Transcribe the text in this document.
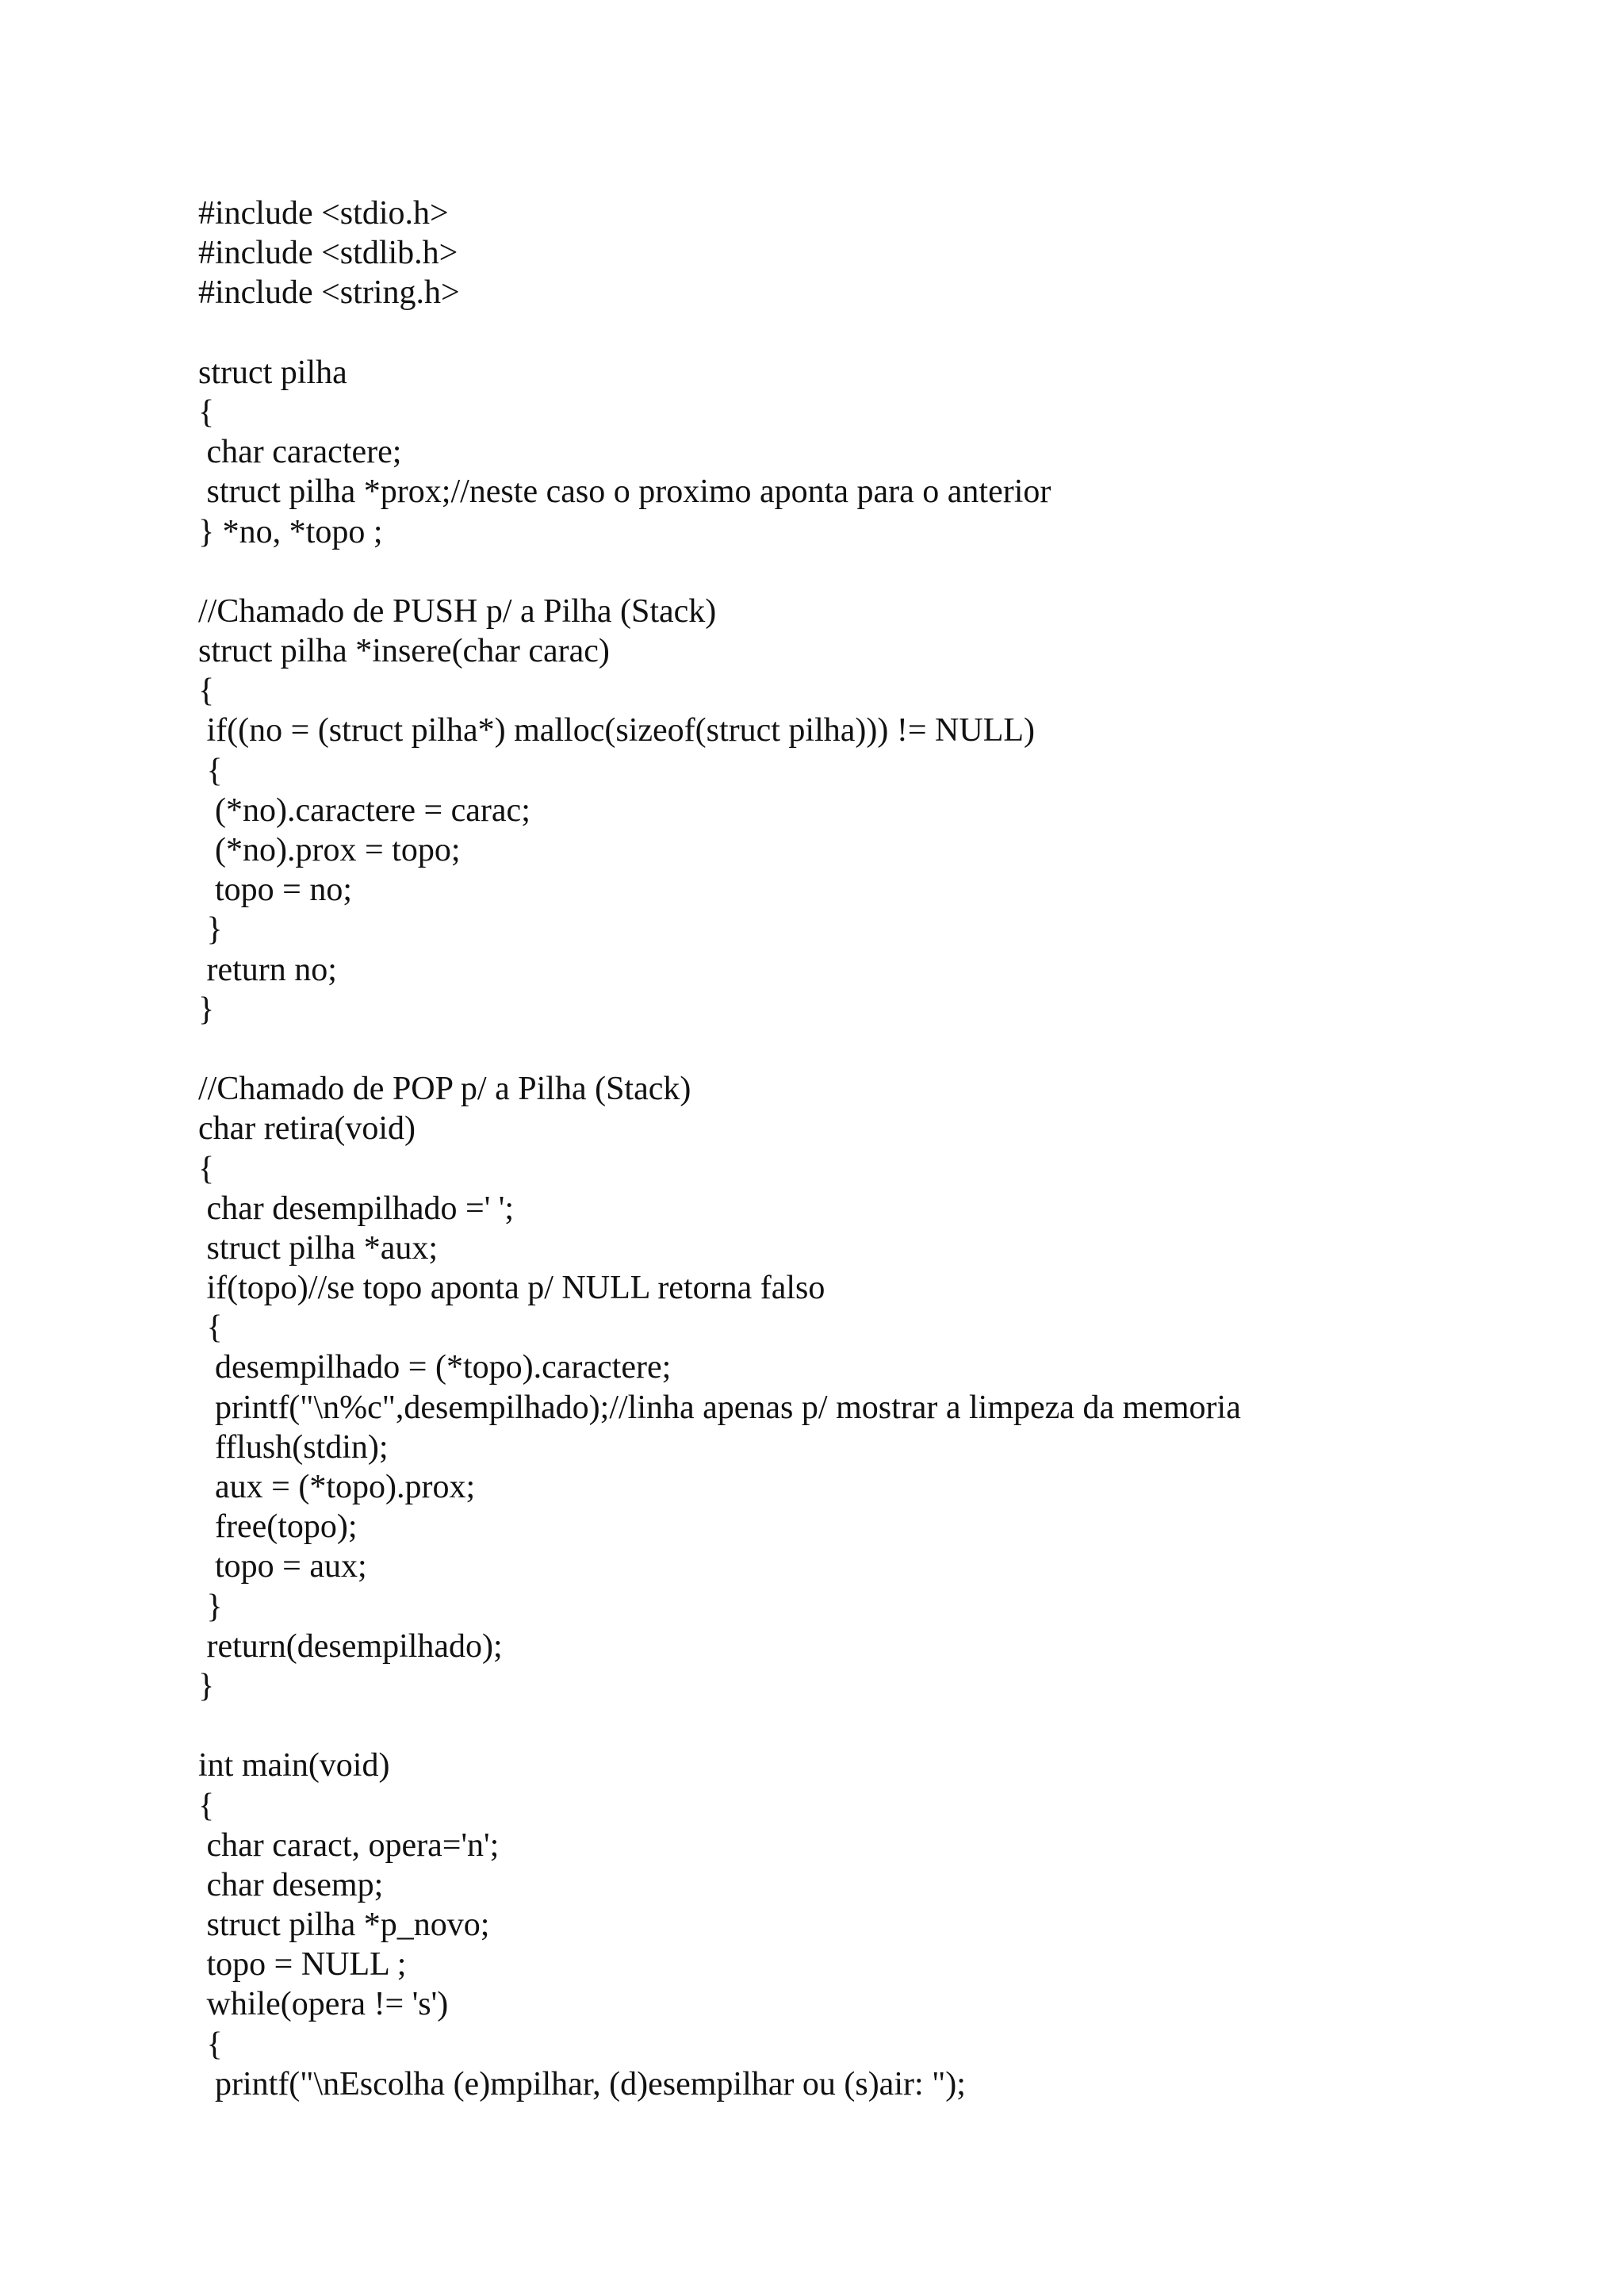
#include <stdio.h>
#include <stdlib.h>
#include <string.h>
struct pilha
{
char caractere;
struct pilha *prox;//neste caso o proximo aponta para o anterior
} *no, *topo ;
//Chamado de PUSH p/ a Pilha (Stack)
struct pilha *insere(char carac)
{
if((no = (struct pilha*) malloc(sizeof(struct pilha))) != NULL)
{
(*no).caractere = carac;
(*no).prox = topo;
topo = no;
}
return no;
}
//Chamado de POP p/ a Pilha (Stack)
char retira(void)
{
char desempilhado =' ';
struct pilha *aux;
if(topo)//se topo aponta p/ NULL retorna falso
{
desempilhado = (*topo).caractere;
printf("\n%c",desempilhado);//linha apenas p/ mostrar a limpeza da memoria
fflush(stdin);
aux = (*topo).prox;
free(topo);
topo = aux;
}
return(desempilhado);
}
int main(void)
{
char caract, opera='n';
char desemp;
struct pilha *p_novo;
topo = NULL ;
while(opera != 's')
{
printf("\nEscolha (e)mpilhar, (d)esempilhar ou (s)air: ");
